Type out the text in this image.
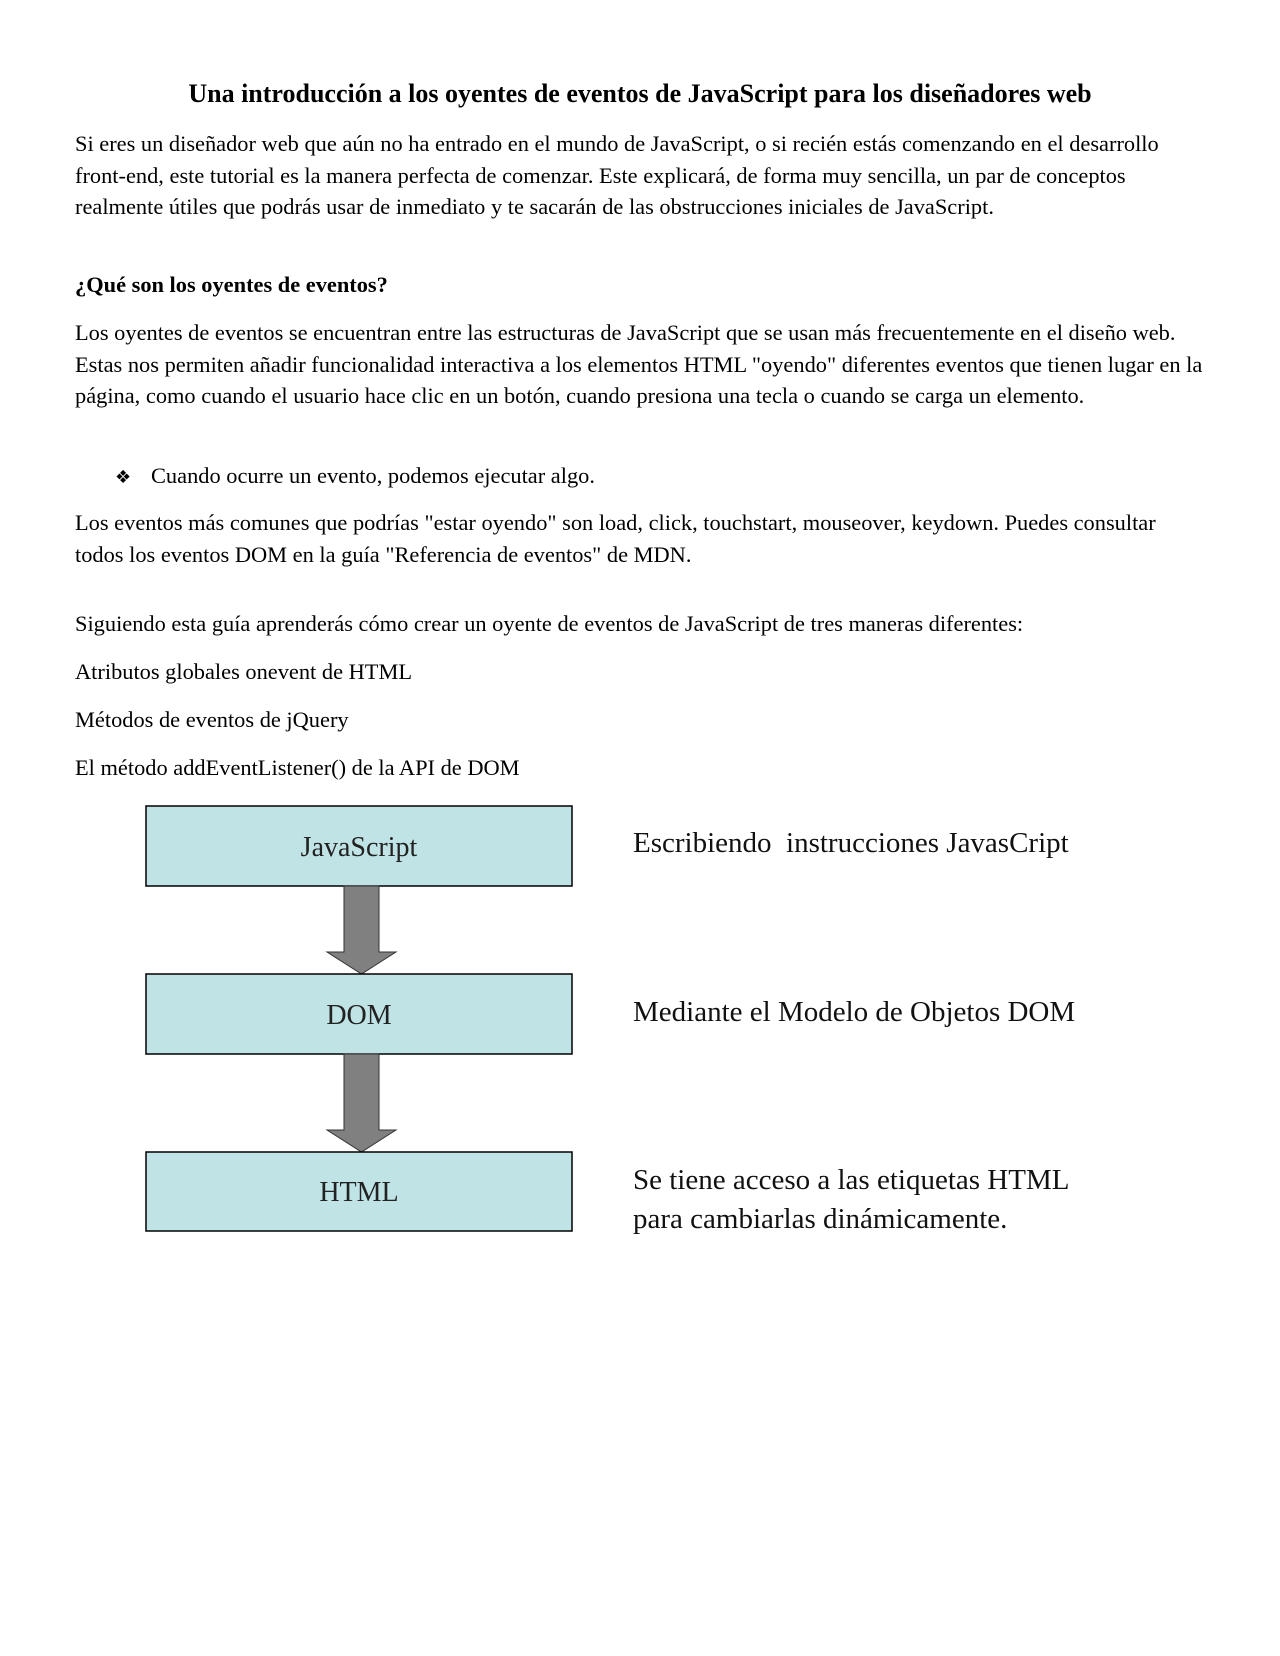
Una introducción a los oyentes de eventos de JavaScript para los diseñadores web

Si eres un diseñador web que aún no ha entrado en el mundo de JavaScript, o si recién estás comenzando en el desarrollo front-end, este tutorial es la manera perfecta de comenzar. Este explicará, de forma muy sencilla, un par de conceptos realmente útiles que podrás usar de inmediato y te sacarán de las obstrucciones iniciales de JavaScript.

¿Qué son los oyentes de eventos?

Los oyentes de eventos se encuentran entre las estructuras de JavaScript que se usan más frecuentemente en el diseño web. Estas nos permiten añadir funcionalidad interactiva a los elementos HTML "oyendo" diferentes eventos que tienen lugar en la página, como cuando el usuario hace clic en un botón, cuando presiona una tecla o cuando se carga un elemento.

❖ Cuando ocurre un evento, podemos ejecutar algo.

Los eventos más comunes que podrías "estar oyendo" son load, click, touchstart, mouseover, keydown. Puedes consultar todos los eventos DOM en la guía "Referencia de eventos" de MDN.

Siguiendo esta guía aprenderás cómo crear un oyente de eventos de JavaScript de tres maneras diferentes:

Atributos globales onevent de HTML

Métodos de eventos de jQuery

El método addEventListener() de la API de DOM

JavaScript
DOM
HTML
Escribiendo  instrucciones JavasCript
Mediante el Modelo de Objetos DOM
Se tiene acceso a las etiquetas HTML
para cambiarlas dinámicamente.
